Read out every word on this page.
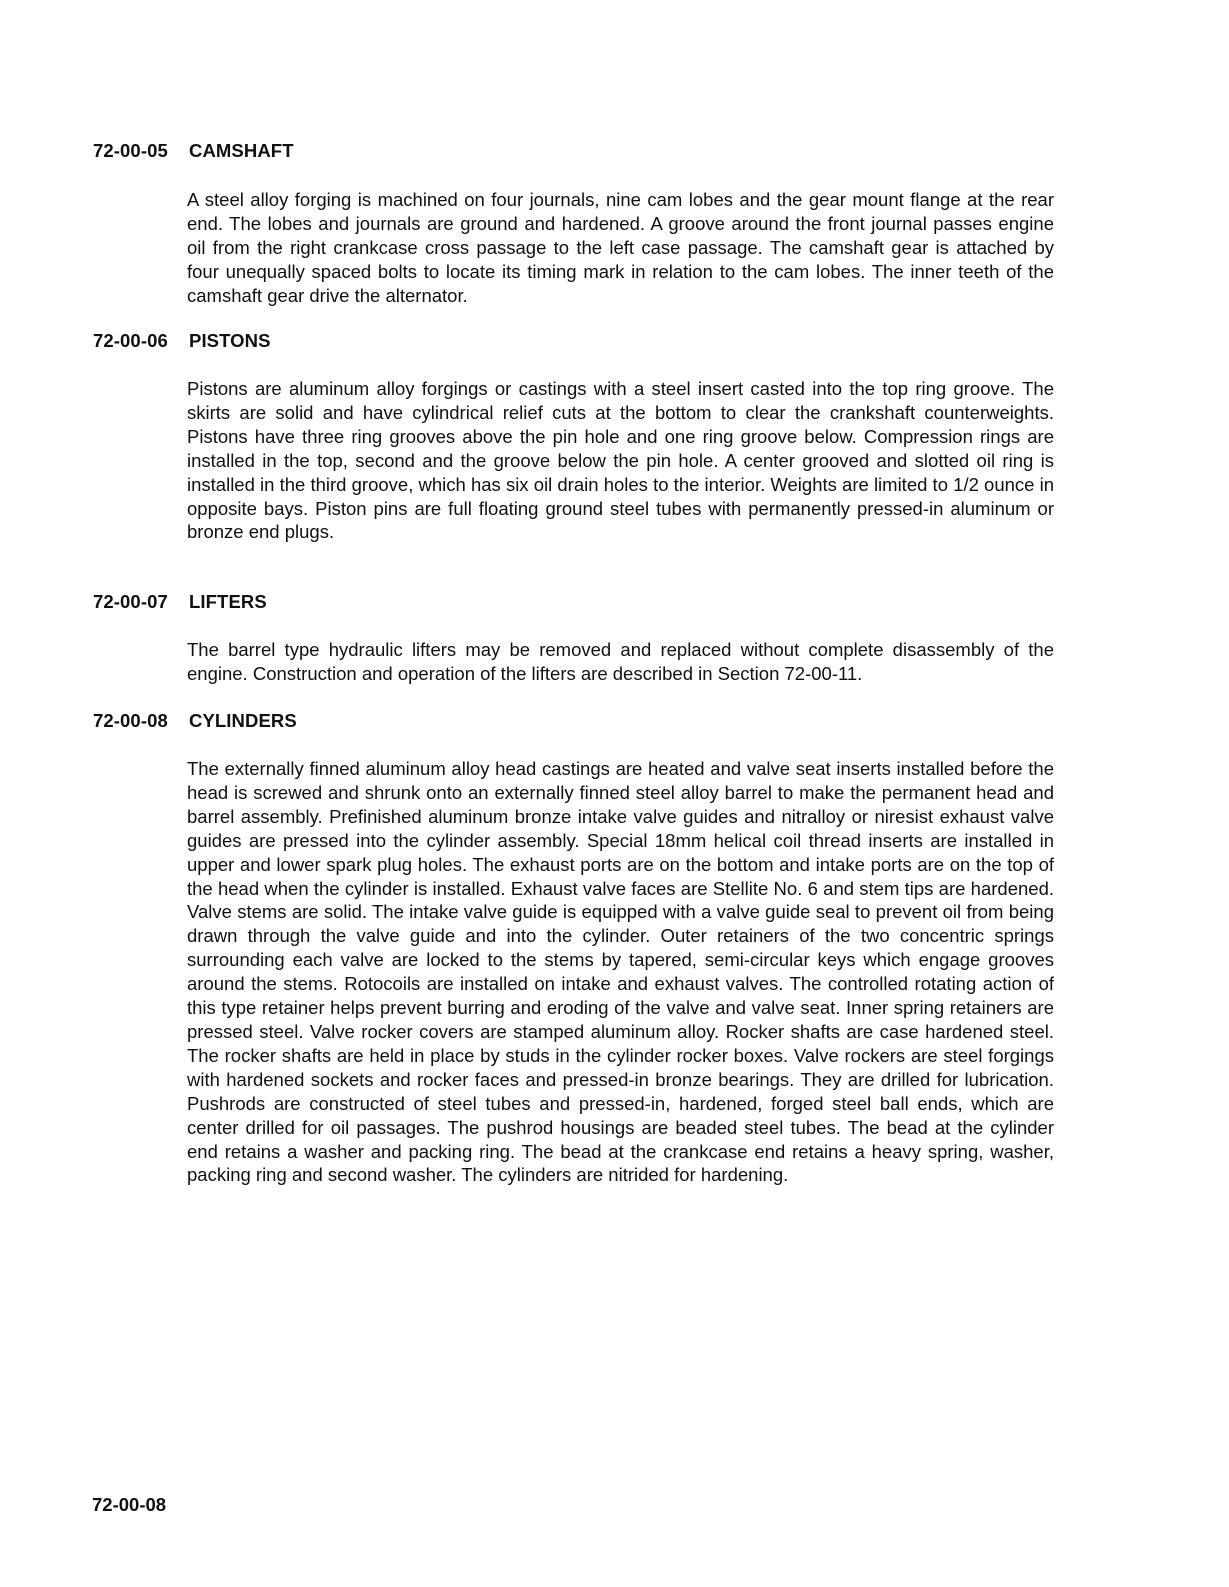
72-00-05 CAMSHAFT

A steel alloy forging is machined on four journals, nine cam lobes and the gear mount flange at the rear end. The lobes and journals are ground and hardened. A groove around the front journal passes engine oil from the right crankcase cross passage to the left case passage. The camshaft gear is attached by four unequally spaced bolts to locate its timing mark in relation to the cam lobes. The inner teeth of the camshaft gear drive the alternator.

72-00-06 PISTONS

Pistons are aluminum alloy forgings or castings with a steel insert casted into the top ring groove. The skirts are solid and have cylindrical relief cuts at the bottom to clear the crankshaft counterweights. Pistons have three ring grooves above the pin hole and one ring groove below. Compression rings are installed in the top, second and the groove below the pin hole. A center grooved and slotted oil ring is installed in the third groove, which has six oil drain holes to the interior. Weights are limited to 1/2 ounce in opposite bays. Piston pins are full floating ground steel tubes with permanently pressed-in aluminum or bronze end plugs.

72-00-07 LIFTERS

The barrel type hydraulic lifters may be removed and replaced without complete disassembly of the engine. Construction and operation of the lifters are described in Section 72-00-11.

72-00-08 CYLINDERS

The externally finned aluminum alloy head castings are heated and valve seat inserts installed before the head is screwed and shrunk onto an externally finned steel alloy barrel to make the permanent head and barrel assembly. Prefinished aluminum bronze intake valve guides and nitralloy or niresist exhaust valve guides are pressed into the cylinder assembly. Special 18mm helical coil thread inserts are installed in upper and lower spark plug holes. The exhaust ports are on the bottom and intake ports are on the top of the head when the cylinder is installed. Exhaust valve faces are Stellite No. 6 and stem tips are hardened. Valve stems are solid. The intake valve guide is equipped with a valve guide seal to prevent oil from being drawn through the valve guide and into the cylinder. Outer retainers of the two concentric springs surrounding each valve are locked to the stems by tapered, semi-circular keys which engage grooves around the stems. Rotocoils are installed on intake and exhaust valves. The controlled rotating action of this type retainer helps prevent burring and eroding of the valve and valve seat. Inner spring retainers are pressed steel. Valve rocker covers are stamped aluminum alloy. Rocker shafts are case hardened steel. The rocker shafts are held in place by studs in the cylinder rocker boxes. Valve rockers are steel forgings with hardened sockets and rocker faces and pressed-in bronze bearings. They are drilled for lubrication. Pushrods are constructed of steel tubes and pressed-in, hardened, forged steel ball ends, which are center drilled for oil passages. The pushrod housings are beaded steel tubes. The bead at the cylinder end retains a washer and packing ring. The bead at the crankcase end retains a heavy spring, washer, packing ring and second washer. The cylinders are nitrided for hardening.

72-00-08
